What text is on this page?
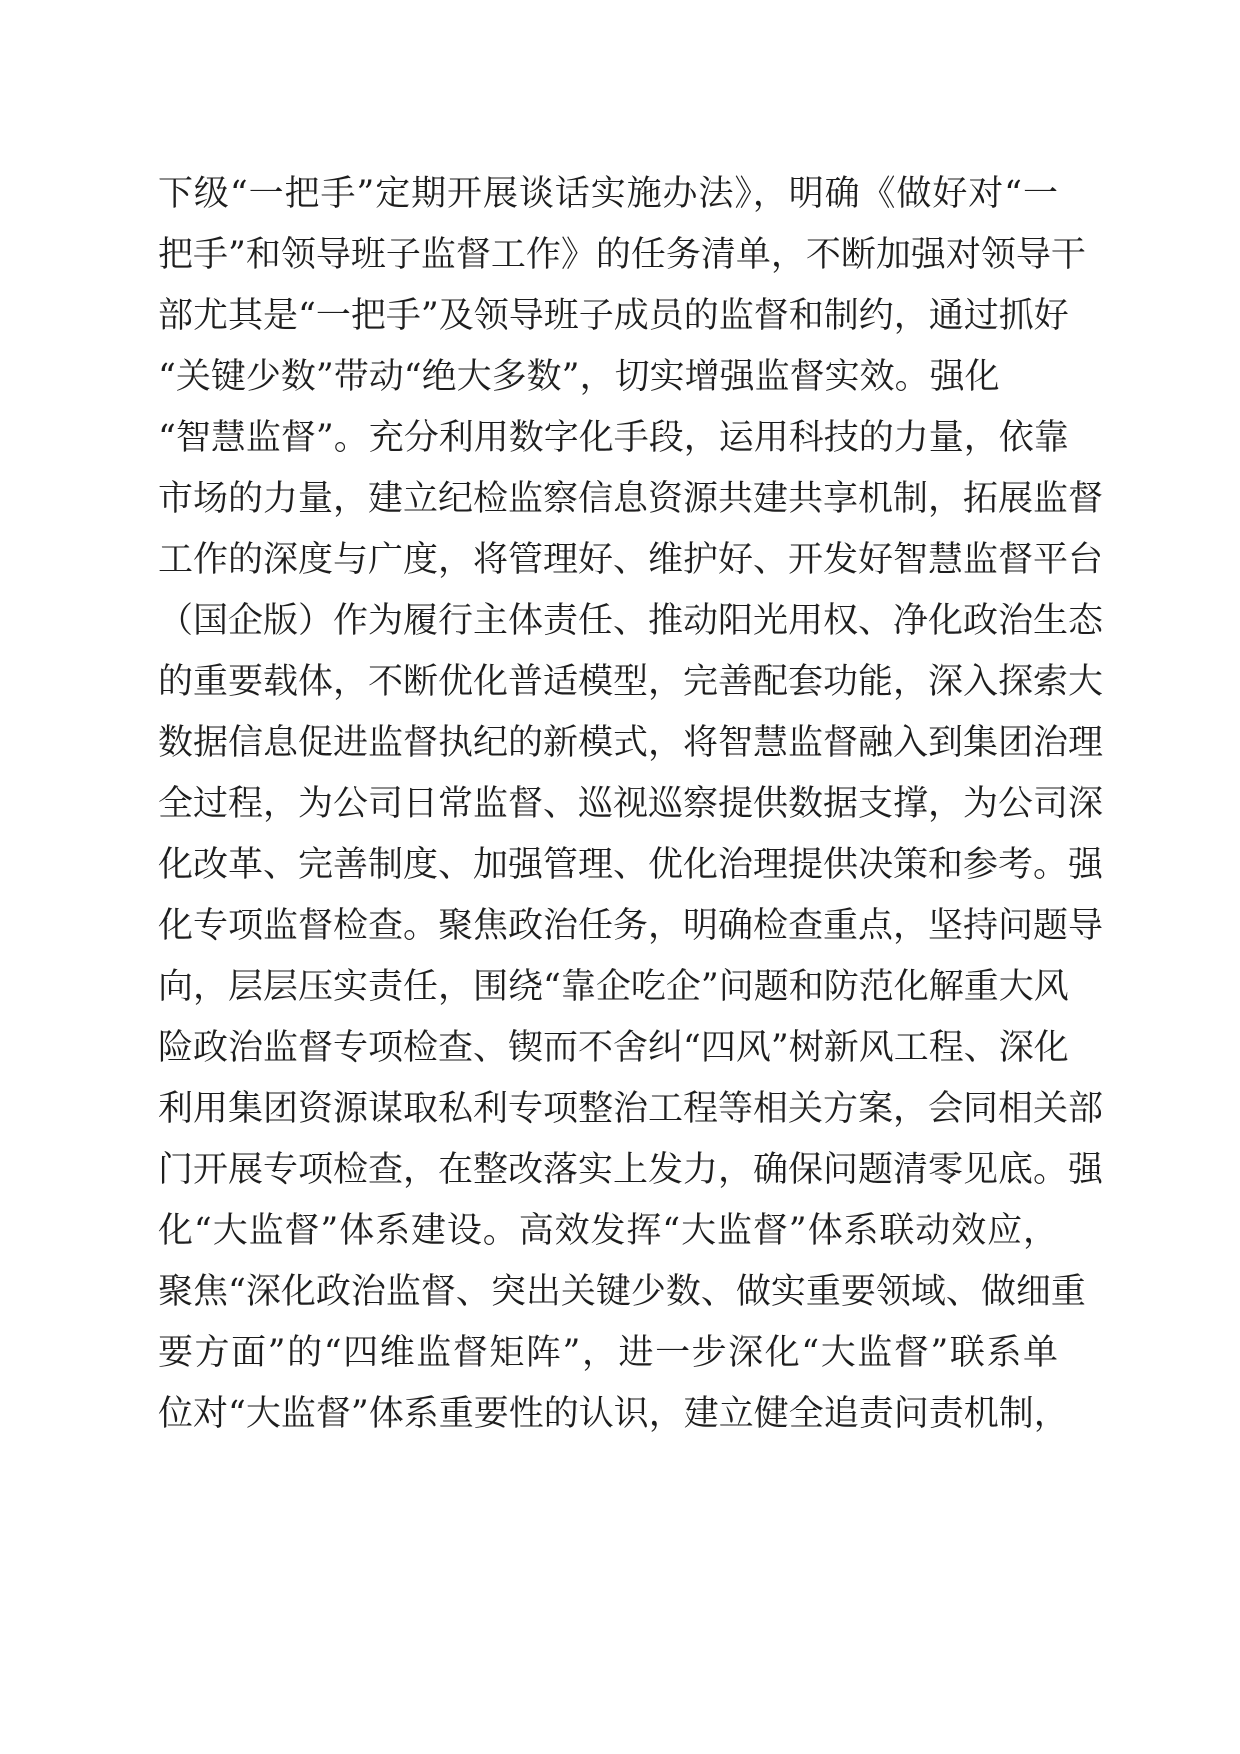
下级“一把手”定期开展谈话实施办法》，明确《做好对“一
把手”和领导班子监督工作》的任务清单，不断加强对领导干
部尤其是“一把手”及领导班子成员的监督和制约，通过抓好
“关键少数”带动“绝大多数”，切实增强监督实效。强化
“智慧监督”。充分利用数字化手段，运用科技的力量，依靠
市场的力量，建立纪检监察信息资源共建共享机制，拓展监督
工作的深度与广度，将管理好、维护好、开发好智慧监督平台
（国企版）作为履行主体责任、推动阳光用权、净化政治生态
的重要载体，不断优化普适模型，完善配套功能，深入探索大
数据信息促进监督执纪的新模式，将智慧监督融入到集团治理
全过程，为公司日常监督、巡视巡察提供数据支撑，为公司深
化改革、完善制度、加强管理、优化治理提供决策和参考。强
化专项监督检查。聚焦政治任务，明确检查重点，坚持问题导
向，层层压实责任，围绕“靠企吃企”问题和防范化解重大风
险政治监督专项检查、锲而不舍纠“四风”树新风工程、深化
利用集团资源谋取私利专项整治工程等相关方案，会同相关部
门开展专项检查，在整改落实上发力，确保问题清零见底。强
化“大监督”体系建设。高效发挥“大监督”体系联动效应，
聚焦“深化政治监督、突出关键少数、做实重要领域、做细重
要方面”的“四维监督矩阵”，进一步深化“大监督”联系单
位对“大监督”体系重要性的认识，建立健全追责问责机制，
